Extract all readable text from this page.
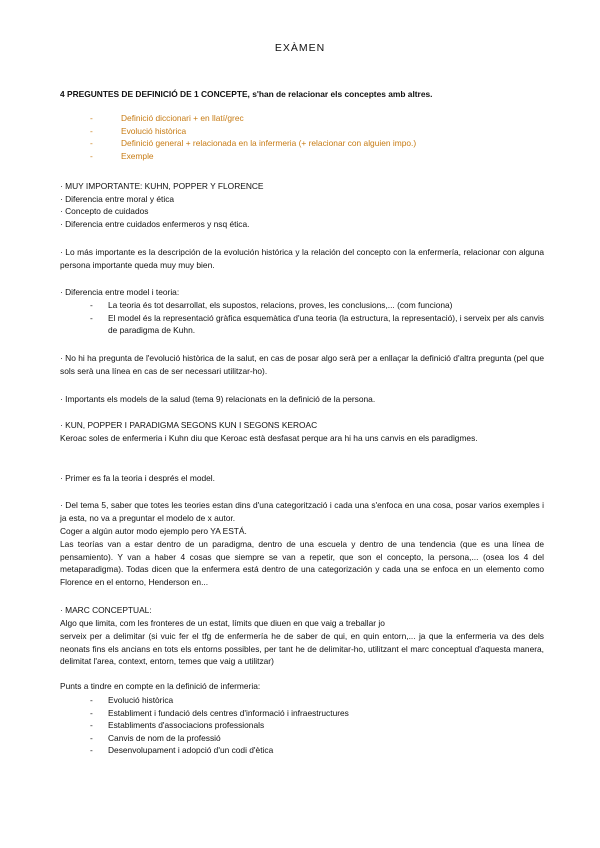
EXÀMEN
4 PREGUNTES DE DEFINICIÓ DE 1 CONCEPTE, s'han de relacionar els conceptes amb altres.
-	Definició diccionari + en llatí/grec
-	Evolució històrica
-	Definició general + relacionada en la infermeria (+ relacionar con alguien impo.)
-	Exemple
· MUY IMPORTANTE: KUHN, POPPER Y FLORENCE
· Diferencia entre moral y ética
· Concepto de cuidados
· Diferencia entre cuidados enfermeros y nsq ética.
· Lo más importante es la descripción de la evolución histórica y la relación del concepto con la enfermería, relacionar con alguna persona importante queda muy muy bien.
· Diferencia entre model i teoria:
-	La teoria és tot desarrollat, els supostos, relacions, proves, les conclusions,... (com funciona)
-	El model és la representació gràfica esquemàtica d'una teoria (la estructura, la representació), i serveix per als canvis de paradigma de Kuhn.
· No hi ha pregunta de l'evolució històrica de la salut, en cas de posar algo serà per a enllaçar la definició d'altra pregunta (pel que sols serà una línea en cas de ser necessari utilitzar-ho).
· Importants els models de la salud (tema 9) relacionats en la definició de la persona.
· KUN, POPPER I PARADIGMA SEGONS KUN I SEGONS KEROAC
Keroac soles de enfermeria i Kuhn diu que Keroac està desfasat perque ara hi ha uns canvis en els paradigmes.
· Primer es fa la teoria i després el model.
· Del tema 5, saber que totes les teories estan dins d'una categorització i cada una s'enfoca en una cosa, posar varios exemples i ja esta, no va a preguntar el modelo de x autor.
Coger a algún autor modo ejemplo pero YA ESTÁ.
Las teorías van a estar dentro de un paradigma, dentro de una escuela y dentro de una tendencia (que es una línea de pensamiento). Y van a haber 4 cosas que siempre se van a repetir, que son el concepto, la persona,... (osea los 4 del metaparadigma). Todas dicen que la enfermera está dentro de una categorización y cada una se enfoca en un elemento como Florence en el entorno, Henderson en...
· MARC CONCEPTUAL:
Algo que limita, com les fronteres de un estat, límits que diuen en que vaig a treballar jo
serveix per a delimitar (si vuic fer el tfg de enfermería he de saber de qui, en quin entorn,... ja que la enfermeria va des dels neonats fins els ancians en tots els entorns possibles, per tant he de delimitar-ho, utilitzant el marc conceptual d'aquesta manera, delimitat l'area, context, entorn, temes que vaig a utilitzar)
Punts a tindre en compte en la definició de infermeria:
-	Evolució històrica
-	Establiment i fundació dels centres d'informació i infraestructures
-	Establiments d'associacions professionals
-	Canvis de nom de la professió
-	Desenvolupament i adopció d'un codi d'ètica
